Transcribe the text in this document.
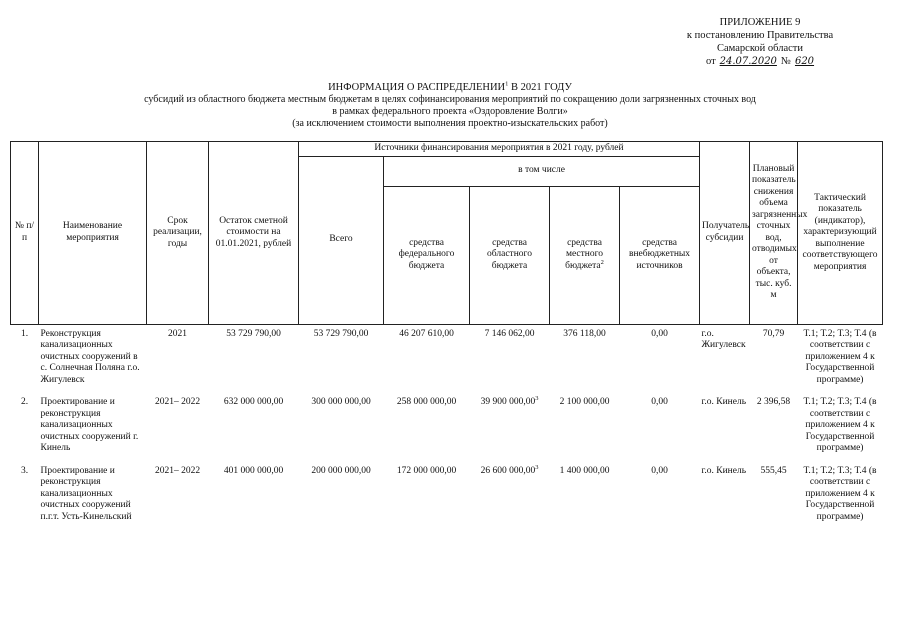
ПРИЛОЖЕНИЕ 9
к постановлению Правительства
Самарской области
от 24.07.2020 № 620
ИНФОРМАЦИЯ О РАСПРЕДЕЛЕНИИ$^1$ В 2021 ГОДУ
субсидий из областного бюджета местным бюджетам в целях софинансирования мероприятий по сокращению доли загрязненных сточных вод
в рамках федерального проекта «Оздоровление Волги»
(за исключением стоимости выполнения проектно-изыскательских работ)
№ п/п	Наименование мероприятия	Срок реализации, годы	Остаток сметной стоимости на 01.01.2021, рублей	Источники финансирования мероприятия в 2021 году, рублей					Получатель субсидии	Плановый показатель снижения объема загрязненных сточных вод, отводимых от объекта, тыс. куб. м	Тактический показатель (индикатор), характеризующий выполнение соответствующего мероприятия
				Всего	в том числе						
					средства федерального бюджета	средства областного бюджета	средства местного бюджета$^2$	средства внебюджетных источников			
1.	Реконструкция канализационных очистных сооружений в с. Солнечная Поляна г.о. Жигулевск	2021	53 729 790,00	53 729 790,00	46 207 610,00	7 146 062,00	376 118,00	0,00	г.о. Жигулевск	70,79	Т.1; Т.2; Т.3; Т.4 (в соответствии с приложением 4 к Государственной программе)

2.	Проектирование и реконструкция канализационных очистных сооружений г. Кинель	2021– 2022	632 000 000,00	300 000 000,00	258 000 000,00	39 900 000,00$^3$	2 100 000,00	0,00	г.о. Кинель	2 396,58	Т.1; Т.2; Т.3; Т.4 (в соответствии с приложением 4 к Государственной программе)

3.	Проектирование и реконструкция канализационных очистных сооружений п.г.т. Усть-Кинельский	2021– 2022	401 000 000,00	200 000 000,00	172 000 000,00	26 600 000,00$^3$	1 400 000,00	0,00	г.о. Кинель	555,45	Т.1; Т.2; Т.3; Т.4 (в соответствии с приложением 4 к Государственной программе)
